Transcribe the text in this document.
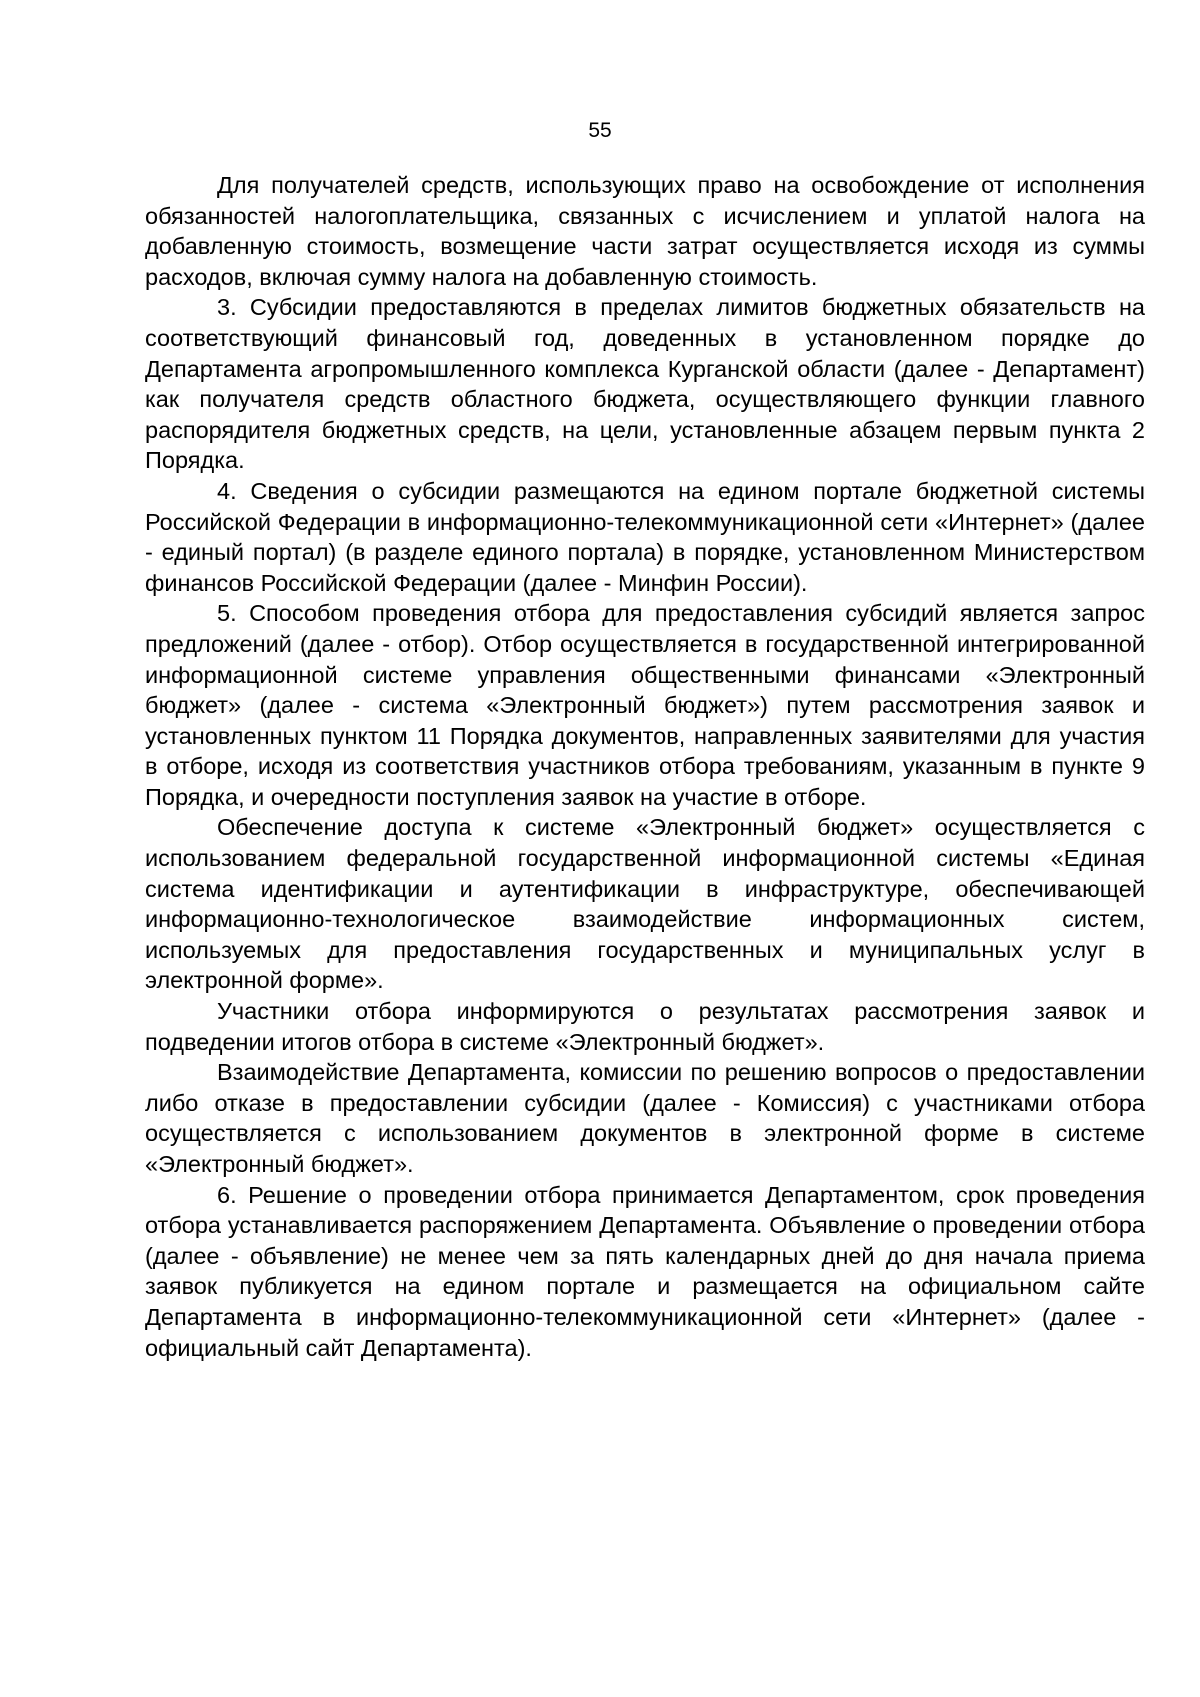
55

Для получателей средств, использующих право на освобождение от исполнения обязанностей налогоплательщика, связанных с исчислением и уплатой налога на добавленную стоимость, возмещение части затрат осуществляется исходя из суммы расходов, включая сумму налога на добавленную стоимость.

3. Субсидии предоставляются в пределах лимитов бюджетных обязательств на соответствующий финансовый год, доведенных в установленном порядке до Департамента агропромышленного комплекса Курганской области (далее - Департамент) как получателя средств областного бюджета, осуществляющего функции главного распорядителя бюджетных средств, на цели, установленные абзацем первым пункта 2 Порядка.

4. Сведения о субсидии размещаются на едином портале бюджетной системы Российской Федерации в информационно-телекоммуникационной сети «Интернет» (далее - единый портал) (в разделе единого портала) в порядке, установленном Министерством финансов Российской Федерации (далее - Минфин России).

5. Способом проведения отбора для предоставления субсидий является запрос предложений (далее - отбор). Отбор осуществляется в государственной интегрированной информационной системе управления общественными финансами «Электронный бюджет» (далее - система «Электронный бюджет») путем рассмотрения заявок и установленных пунктом 11 Порядка документов, направленных заявителями для участия в отборе, исходя из соответствия участников отбора требованиям, указанным в пункте 9 Порядка, и очередности поступления заявок на участие в отборе.

Обеспечение доступа к системе «Электронный бюджет» осуществляется с использованием федеральной государственной информационной системы «Единая система идентификации и аутентификации в инфраструктуре, обеспечивающей информационно-технологическое взаимодействие информационных систем, используемых для предоставления государственных и муниципальных услуг в электронной форме».

Участники отбора информируются о результатах рассмотрения заявок и подведении итогов отбора в системе «Электронный бюджет».

Взаимодействие Департамента, комиссии по решению вопросов о предоставлении либо отказе в предоставлении субсидии (далее - Комиссия) с участниками отбора осуществляется с использованием документов в электронной форме в системе «Электронный бюджет».

6. Решение о проведении отбора принимается Департаментом, срок проведения отбора устанавливается распоряжением Департамента. Объявление о проведении отбора (далее - объявление) не менее чем за пять календарных дней до дня начала приема заявок публикуется на едином портале и размещается на официальном сайте Департамента в информационно-телекоммуникационной сети «Интернет» (далее - официальный сайт Департамента).
